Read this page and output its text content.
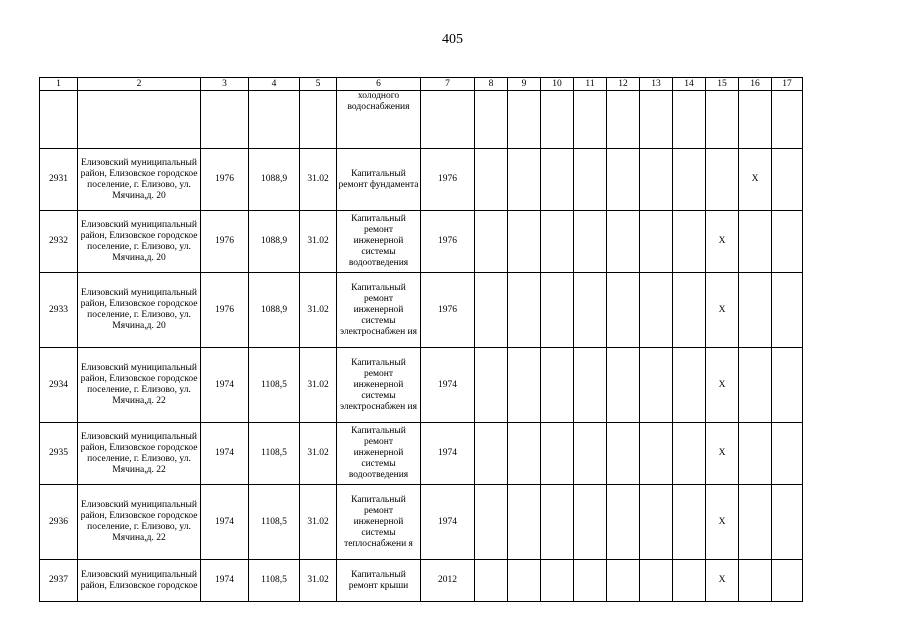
405
1	2	3	4	5	6	7	8	9	10	11	12	13	14	15	16	17
					холодного водоснабжения											
2931	Елизовский муниципальный район, Елизовское городское поселение, г. Елизово, ул. Мячина,д. 20	1976	1088,9	31.02	Капитальный ремонт фундамента	1976									X	
2932	Елизовский муниципальный район, Елизовское городское поселение, г. Елизово, ул. Мячина,д. 20	1976	1088,9	31.02	Капитальный ремонт инженерной системы водоотведения	1976								X		
2933	Елизовский муниципальный район, Елизовское городское поселение, г. Елизово, ул. Мячина,д. 20	1976	1088,9	31.02	Капитальный ремонт инженерной системы электроснабжен ия	1976								X		
2934	Елизовский муниципальный район, Елизовское городское поселение, г. Елизово, ул. Мячина,д. 22	1974	1108,5	31.02	Капитальный ремонт инженерной системы электроснабжен ия	1974								X		
2935	Елизовский муниципальный район, Елизовское городское поселение, г. Елизово, ул. Мячина,д. 22	1974	1108,5	31.02	Капитальный ремонт инженерной системы водоотведения	1974								X		
2936	Елизовский муниципальный район, Елизовское городское поселение, г. Елизово, ул. Мячина,д. 22	1974	1108,5	31.02	Капитальный ремонт инженерной системы теплоснабжени я	1974								X		
2937	Елизовский муниципальный район, Елизовское городское	1974	1108,5	31.02	Капитальный ремонт крыши	2012								X		
